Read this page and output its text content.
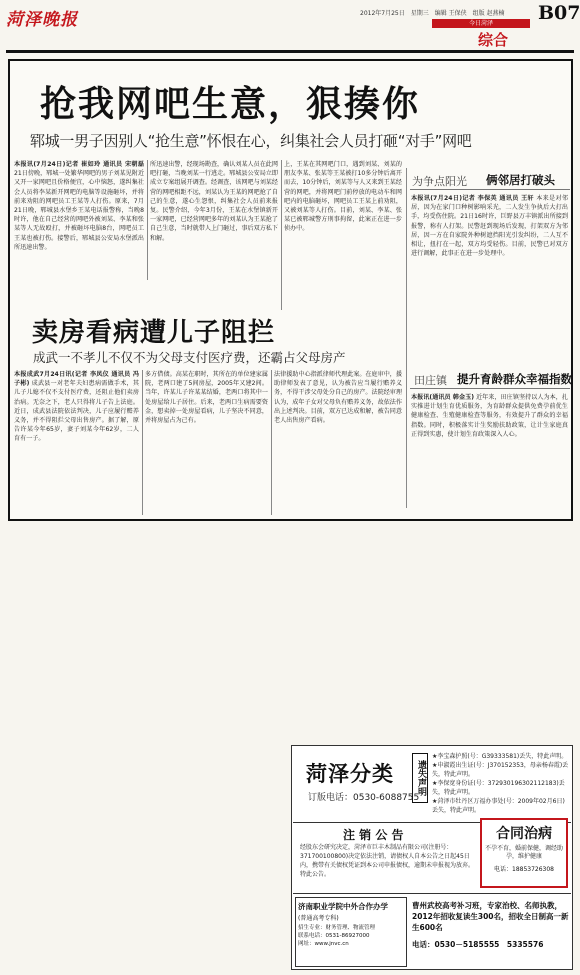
菏泽晚报	2012年7月25日　星期三　编辑 王保侠　组版 赵燕楠 B07
今日菏泽
综合
抢我网吧生意，狠揍你
郓城一男子因别人“抢生意”怀恨在心，纠集社会人员打砸“对手”网吧
本报讯(7月24日)记者 崔如玲 通讯员 宋朝磊 21日傍晚，郓城一处繁华网吧的男子刘某见附近又开一家网吧且价格便宜，心中恼怒，遂纠集社会人员将李某新开网吧的电脑等设施砸坏，并将前来劝阻的网吧员工王某等人打伤。原来，7月21日晚，郓城县水堡乡王某电话报警称，当晚8时许，他在自己经营的网吧外被刘某、李某和张某等人无故殴打，并被砸坏电脑8台，网吧员工王某也被打伤。接警后，郓城县公安局水堡派出所迅速出警。
所迅速出警，经现场勘查，确认刘某人员在此网吧打砸，当晚刘某一行逃走。郓城县公安局立即成立专案组展开调查。经调查，该网吧与刘某经营的网吧相距不远，刘某认为王某的网吧抢了自己的生意，遂心生怨恨，纠集社会人员前来报复。民警介绍，今年3月份，王某在水堡镇新开一家网吧，已经营网吧多年的刘某认为王某抢了自己生意，当时就带人上门砸过，事后双方私下和解。
上，王某在其网吧门口，遇到刘某、刘某的朋友李某、张某等王某被打10多分钟后离开而去，10分钟后，刘某等与人又来到王某经营的网吧，并将网吧门前停放的电动车和网吧内的电脑砸坏，网吧员工王某上前劝阻，又被刘某等人打伤。目前，刘某、李某、张某已被郓城警方刑事拘留，此案正在进一步侦办中。
为争点阳光 俩邻居打破头
本报讯(7月24日)记者 李保英 通讯员 王轩 本来是对邻居，因为在家门口种树影响采光，二人发生争执后大打出手，均受伤住院。21日16时许，巨野县万丰镇派出所接到报警，称有人打架。民警赶到现场后发现，打架双方为邻居，因一方在自家院外种树遮挡阳光引发纠纷，二人互不相让，扭打在一起，双方均受轻伤。目前，民警已对双方进行调解，此事正在进一步处理中。
卖房看病遭儿子阻拦
成武一不孝儿不仅不为父母支付医疗费，还霸占父母房产
本报成武7月24日讯(记者 李凤仪 通讯员 冯子彬) 成武县一对老年夫妇患病需做手术，其儿子儿媳不仅不支付医疗费，还阻止他们卖房治病。无奈之下，老人只得将儿子告上法庭。近日，成武县法院依法判决，儿子应履行赡养义务，并不得阻拦父母出售房产。据了解，原告许某今年65岁，妻子刘某今年62岁，二人育有一子。
多方借债。高某在职时，其所在的单位建家属院，老两口建了5间房屋，2005年又建2间。当年，许某儿子许某某结婚，老两口将其中一处房屋给儿子居住。后来，老两口生病需要资金，想卖掉一处房屋看病，儿子坚决不同意，并将房屋占为己有。
法律援助中心指派律师代理此案。在庭审中，援助律师发表了意见，认为被告应当履行赡养义务，不得干涉父母处分自己的房产。法院经审理认为，成年子女对父母负有赡养义务，故依法作出上述判决。目前，双方已达成和解，被告同意老人出售房产看病。
田庄镇 提升育龄群众幸福指数
本报讯(通讯员 韩金玉) 近年来，田庄镇坚持以人为本，扎实推进计划生育优质服务，为育龄群众提供免费孕前优生健康检查、生殖健康检查等服务，有效提升了群众的幸福指数。同时，积极落实计生奖励扶助政策，让计生家庭真正得到实惠，使计划生育政策深入人心。
菏泽分类
订版电话：0530-6088755
遗失声明
★李宝森护照(号：G39333581)丢失，特此声明。
★申淑霞出生证(号：J370152353，母亲杨春霞)丢失，特此声明。
★李保宽身份证(号：372930196302112183)丢失，特此声明。
★菏泽市牡丹区万福办事处(号：2009年02月6日)丢失，特此声明。
注 销 公 告
经股东会研究决定，菏泽市巨丰木制品有限公司(注册号：371700100800)决定依法注销，请债权人自本公告之日起45日内，携带有关债权凭证到本公司申报债权，逾期未申报视为放弃。特此公告。
合同治病
不孕不育，婚前保健，调经助孕，维护健康
电话：18853726308
济南职业学院中外合作办学
(普通高考专科)
招生专业：财务管理、物流管理
联系电话：0531-86927000
网址：www.jnvc.cn
曹州武校高考补习班，专家治校、名师执教，2012年招收复读生300名，招收全日制高一新生600名
电话：0530－5185555　5335576
